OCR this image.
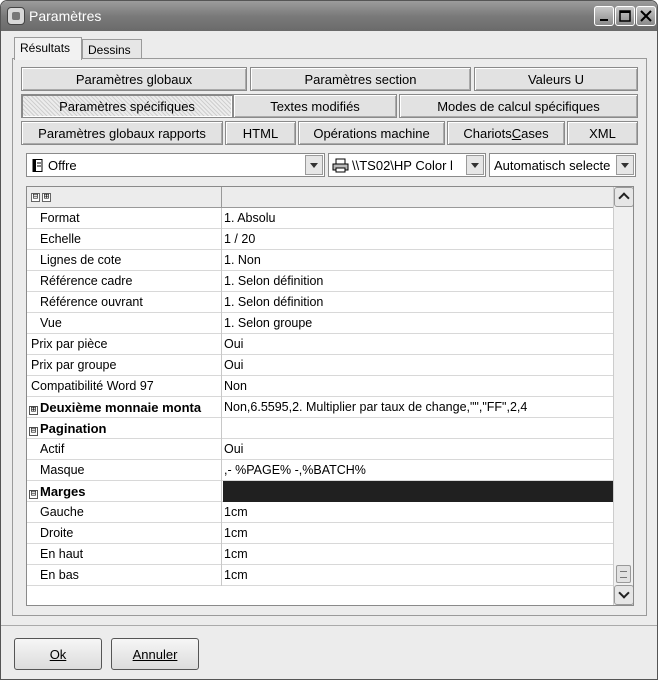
Paramètres
Résultats	Dessins
Paramètres globaux	Paramètres section	Valeurs U
Paramètres spécifiques	Textes modifiés	Modes de calcul spécifiques
Paramètres globaux rapports	HTML	Opérations machine	Chariots C ases	XML
Offre	\\TS02\HP Color l	Automatisch selecte
⊟ ⊞
Format	1. Absolu
Echelle	1 / 20
Lignes de cote	1. Non
Référence cadre	1. Selon définition
Référence ouvrant	1. Selon définition
Vue	1. Selon groupe
Prix par pièce	Oui
Prix par groupe	Oui
Compatibilité Word 97	Non
⊞ Deuxième monnaie monta	Non,6.5595,2. Multiplier par taux de change,"","FF",2,4
⊟ Pagination
Actif	Oui
Masque	,- %PAGE% -,%BATCH%
⊟ Marges
Gauche	1cm
Droite	1cm
En haut	1cm
En bas	1cm
Ok	Annuler
